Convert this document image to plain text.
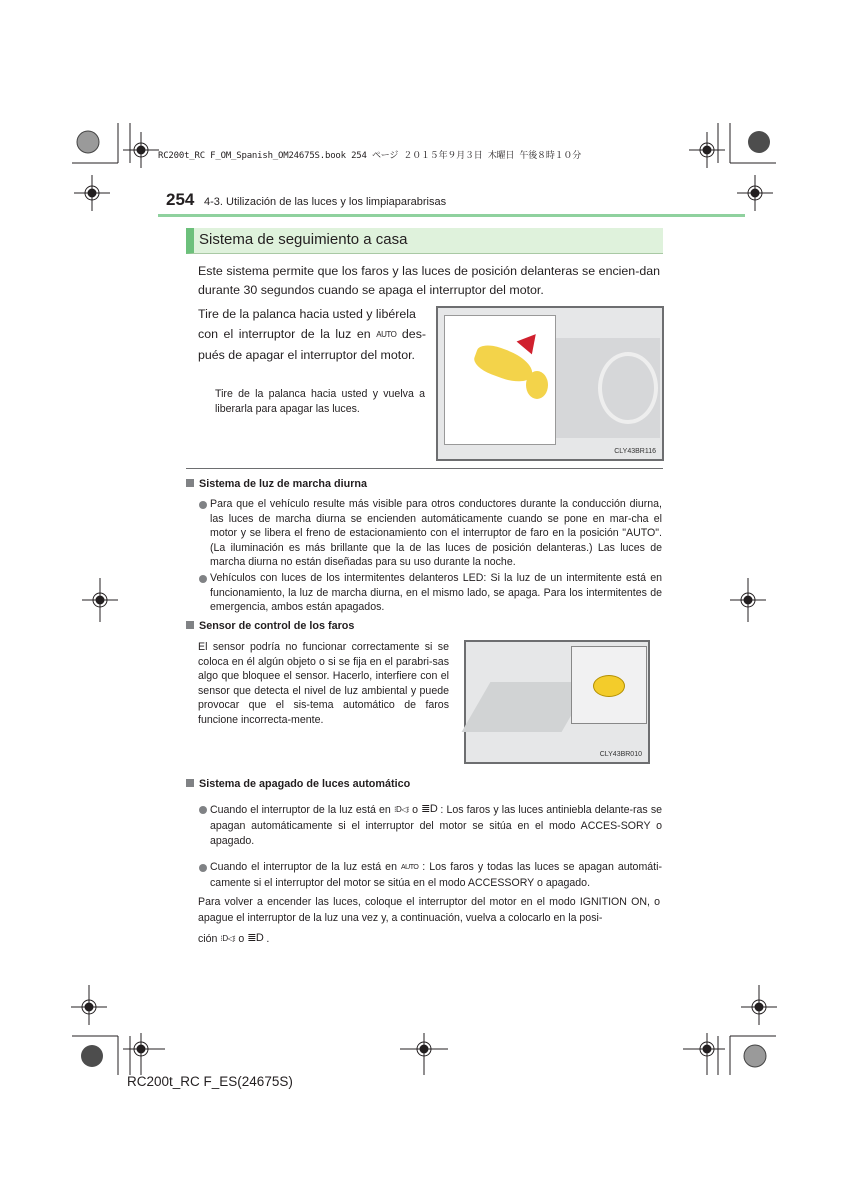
RC200t_RC F_OM_Spanish_OM24675S.book 254 ページ ２０１５年９月３日 木曜日 午後８時１０分
254 4-3. Utilización de las luces y los limpiaparabrisas
Sistema de seguimiento a casa
Este sistema permite que los faros y las luces de posición delanteras se encien-dan durante 30 segundos cuando se apaga el interruptor del motor.
Tire de la palanca hacia usted y libérela
con el interruptor de la luz en AUTO des-
pués de apagar el interruptor del motor.
Tire de la palanca hacia usted y vuelva a liberarla para apagar las luces.
CLY43BR116
Sistema de luz de marcha diurna
Para que el vehículo resulte más visible para otros conductores durante la conducción diurna, las luces de marcha diurna se encienden automáticamente cuando se pone en mar-cha el motor y se libera el freno de estacionamiento con el interruptor de faro en la posición "AUTO". (La iluminación es más brillante que la de las luces de posición delanteras.) Las luces de marcha diurna no están diseñadas para su uso durante la noche.
Vehículos con luces de los intermitentes delanteros LED: Si la luz de un intermitente está en funcionamiento, la luz de marcha diurna, en el mismo lado, se apaga. Para los intermitentes de emergencia, ambos están apagados.
Sensor de control de los faros
El sensor podría no funcionar correctamente si se coloca en él algún objeto o si se fija en el parabri-sas algo que bloquee el sensor. Hacerlo, interfiere con el sensor que detecta el nivel de luz ambiental y puede provocar que el sis-tema automático de faros funcione incorrecta-mente.
CLY43BR010
Sistema de apagado de luces automático
Cuando el interruptor de la luz está en ⁝D◁⁝ o ≣D : Los faros y las luces antiniebla delante-ras se apagan automáticamente si el interruptor del motor se sitúa en el modo ACCES-SORY o apagado.
Cuando el interruptor de la luz está en AUTO : Los faros y todas las luces se apagan automáti-camente si el interruptor del motor se sitúa en el modo ACCESSORY o apagado.
Para volver a encender las luces, coloque el interruptor del motor en el modo IGNITION ON, o apague el interruptor de la luz una vez y, a continuación, vuelva a colocarlo en la posi-
ción ⁝D◁⁝ o ≣D .
RC200t_RC F_ES(24675S)
